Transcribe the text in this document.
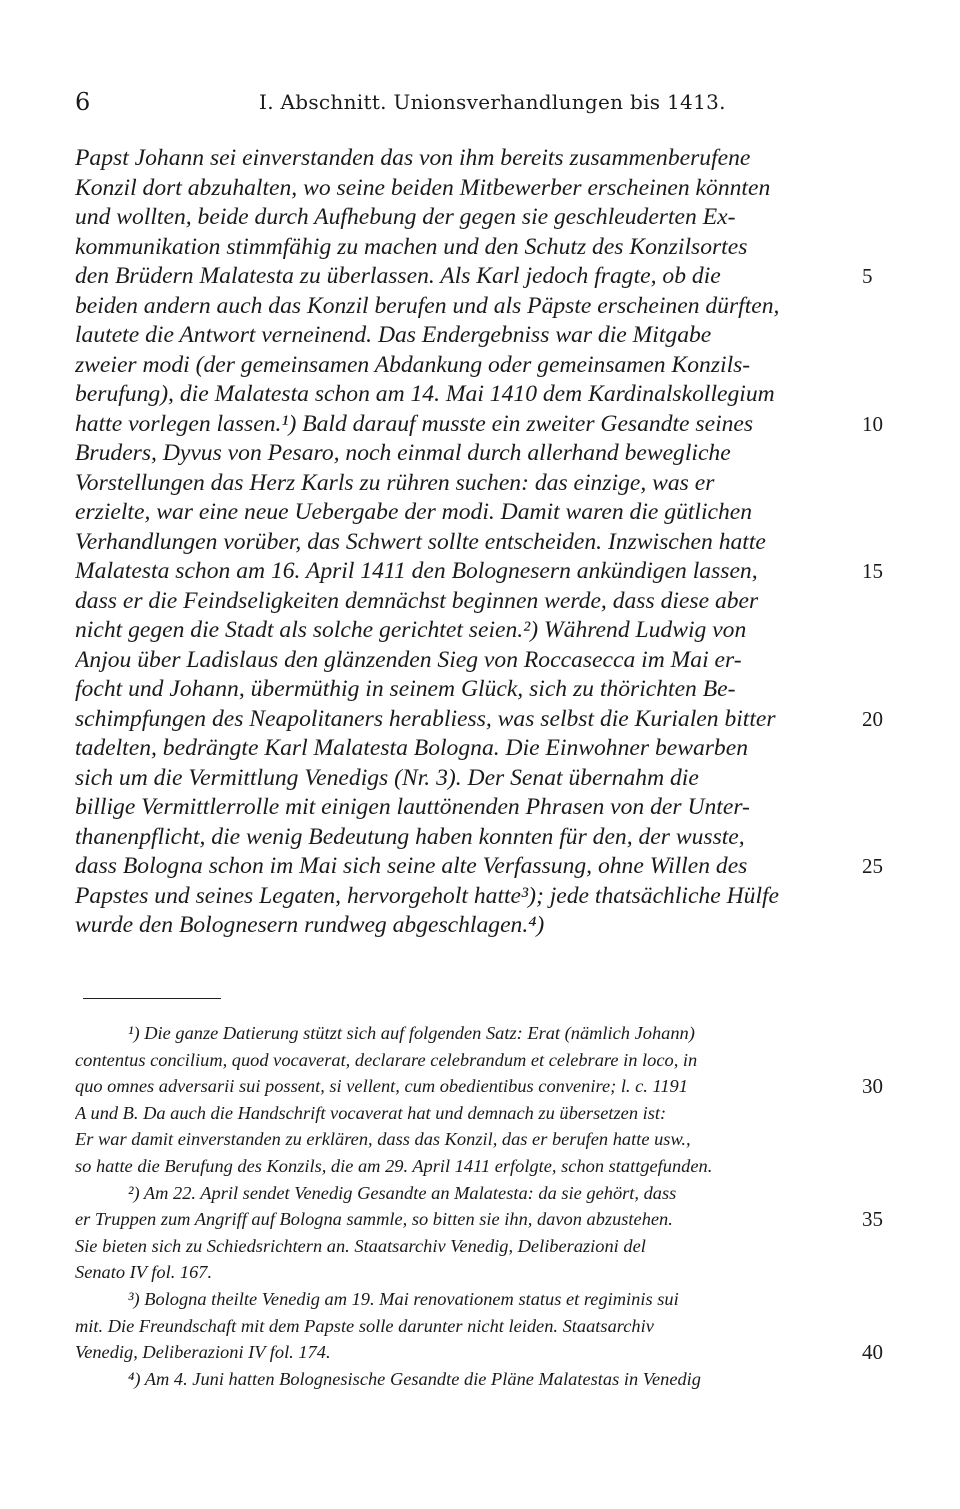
6	I. Abschnitt. Unionsverhandlungen bis 1413.
Papst Johann sei einverstanden das von ihm bereits zusammenberufene
Konzil dort abzuhalten, wo seine beiden Mitbewerber erscheinen könnten
und wollten, beide durch Aufhebung der gegen sie geschleuderten Ex-
kommunikation stimmfähig zu machen und den Schutz des Konzilsortes
den Brüdern Malatesta zu überlassen. Als Karl jedoch fragte, ob die
beiden andern auch das Konzil berufen und als Päpste erscheinen dürften,
lautete die Antwort verneinend. Das Endergebniss war die Mitgabe
zweier modi (der gemeinsamen Abdankung oder gemeinsamen Konzils-
berufung), die Malatesta schon am 14. Mai 1410 dem Kardinalskollegium
hatte vorlegen lassen.¹) Bald darauf musste ein zweiter Gesandte seines
Bruders, Dyvus von Pesaro, noch einmal durch allerhand bewegliche
Vorstellungen das Herz Karls zu rühren suchen: das einzige, was er
erzielte, war eine neue Uebergabe der modi. Damit waren die gütlichen
Verhandlungen vorüber, das Schwert sollte entscheiden. Inzwischen hatte
Malatesta schon am 16. April 1411 den Bolognesern ankündigen lassen,
dass er die Feindseligkeiten demnächst beginnen werde, dass diese aber
nicht gegen die Stadt als solche gerichtet seien.²) Während Ludwig von
Anjou über Ladislaus den glänzenden Sieg von Roccasecca im Mai er-
focht und Johann, übermüthig in seinem Glück, sich zu thörichten Be-
schimpfungen des Neapolitaners herabliess, was selbst die Kurialen bitter
tadelten, bedrängte Karl Malatesta Bologna. Die Einwohner bewarben
sich um die Vermittlung Venedigs (Nr. 3). Der Senat übernahm die
billige Vermittlerrolle mit einigen lauttönenden Phrasen von der Unter-
thanenpflicht, die wenig Bedeutung haben konnten für den, der wusste,
dass Bologna schon im Mai sich seine alte Verfassung, ohne Willen des
Papstes und seines Legaten, hervorgeholt hatte³); jede thatsächliche Hülfe
wurde den Bolognesern rundweg abgeschlagen.⁴)
5
10
15
20
25
¹) Die ganze Datierung stützt sich auf folgenden Satz: Erat (nämlich Johann)
contentus concilium, quod vocaverat, declarare celebrandum et celebrare in loco, in
quo omnes adversarii sui possent, si vellent, cum obedientibus convenire; l. c. 1191
A und B. Da auch die Handschrift vocaverat hat und demnach zu übersetzen ist:
Er war damit einverstanden zu erklären, dass das Konzil, das er berufen hatte usw.,
so hatte die Berufung des Konzils, die am 29. April 1411 erfolgte, schon stattgefunden.
²) Am 22. April sendet Venedig Gesandte an Malatesta: da sie gehört, dass
er Truppen zum Angriff auf Bologna sammle, so bitten sie ihn, davon abzustehen.
Sie bieten sich zu Schiedsrichtern an. Staatsarchiv Venedig, Deliberazioni del
Senato IV fol. 167.
³) Bologna theilte Venedig am 19. Mai renovationem status et regiminis sui
mit. Die Freundschaft mit dem Papste solle darunter nicht leiden. Staatsarchiv
Venedig, Deliberazioni IV fol. 174.
⁴) Am 4. Juni hatten Bolognesische Gesandte die Pläne Malatestas in Venedig
30
35
40
